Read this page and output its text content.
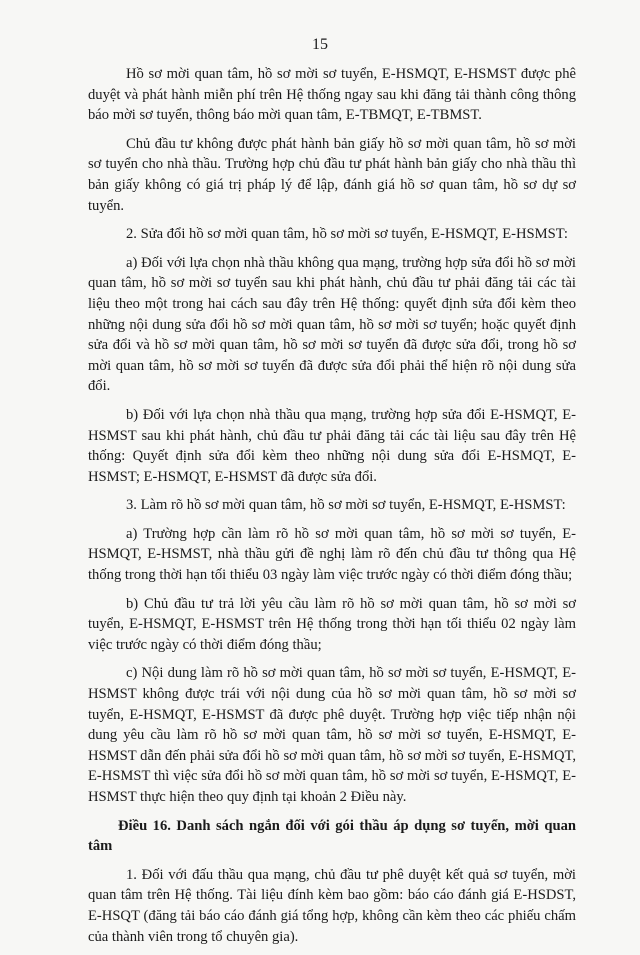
15

Hồ sơ mời quan tâm, hồ sơ mời sơ tuyển, E-HSMQT, E-HSMST được phê duyệt và phát hành miễn phí trên Hệ thống ngay sau khi đăng tải thành công thông báo mời sơ tuyển, thông báo mời quan tâm, E-TBMQT, E-TBMST.

Chủ đầu tư không được phát hành bản giấy hồ sơ mời quan tâm, hồ sơ mời sơ tuyển cho nhà thầu. Trường hợp chủ đầu tư phát hành bản giấy cho nhà thầu thì bản giấy không có giá trị pháp lý để lập, đánh giá hồ sơ quan tâm, hồ sơ dự sơ tuyển.

2. Sửa đổi hồ sơ mời quan tâm, hồ sơ mời sơ tuyển, E-HSMQT, E-HSMST:

a) Đối với lựa chọn nhà thầu không qua mạng, trường hợp sửa đổi hồ sơ mời quan tâm, hồ sơ mời sơ tuyển sau khi phát hành, chủ đầu tư phải đăng tải các tài liệu theo một trong hai cách sau đây trên Hệ thống: quyết định sửa đổi kèm theo những nội dung sửa đổi hồ sơ mời quan tâm, hồ sơ mời sơ tuyển; hoặc quyết định sửa đổi và hồ sơ mời quan tâm, hồ sơ mời sơ tuyển đã được sửa đổi, trong hồ sơ mời quan tâm, hồ sơ mời sơ tuyển đã được sửa đổi phải thể hiện rõ nội dung sửa đổi.

b) Đối với lựa chọn nhà thầu qua mạng, trường hợp sửa đổi E-HSMQT, E-HSMST sau khi phát hành, chủ đầu tư phải đăng tải các tài liệu sau đây trên Hệ thống: Quyết định sửa đổi kèm theo những nội dung sửa đổi E-HSMQT, E-HSMST; E-HSMQT, E-HSMST đã được sửa đổi.

3. Làm rõ hồ sơ mời quan tâm, hồ sơ mời sơ tuyển, E-HSMQT, E-HSMST:

a) Trường hợp cần làm rõ hồ sơ mời quan tâm, hồ sơ mời sơ tuyển, E-HSMQT, E-HSMST, nhà thầu gửi đề nghị làm rõ đến chủ đầu tư thông qua Hệ thống trong thời hạn tối thiểu 03 ngày làm việc trước ngày có thời điểm đóng thầu;

b) Chủ đầu tư trả lời yêu cầu làm rõ hồ sơ mời quan tâm, hồ sơ mời sơ tuyển, E-HSMQT, E-HSMST trên Hệ thống trong thời hạn tối thiểu 02 ngày làm việc trước ngày có thời điểm đóng thầu;

c) Nội dung làm rõ hồ sơ mời quan tâm, hồ sơ mời sơ tuyển, E-HSMQT, E-HSMST không được trái với nội dung của hồ sơ mời quan tâm, hồ sơ mời sơ tuyển, E-HSMQT, E-HSMST đã được phê duyệt. Trường hợp việc tiếp nhận nội dung yêu cầu làm rõ hồ sơ mời quan tâm, hồ sơ mời sơ tuyển, E-HSMQT, E-HSMST dẫn đến phải sửa đổi hồ sơ mời quan tâm, hồ sơ mời sơ tuyển, E-HSMQT, E-HSMST thì việc sửa đổi hồ sơ mời quan tâm, hồ sơ mời sơ tuyển, E-HSMQT, E-HSMST thực hiện theo quy định tại khoản 2 Điều này.

Điều 16. Danh sách ngắn đối với gói thầu áp dụng sơ tuyển, mời quan tâm

1. Đối với đấu thầu qua mạng, chủ đầu tư phê duyệt kết quả sơ tuyển, mời quan tâm trên Hệ thống. Tài liệu đính kèm bao gồm: báo cáo đánh giá E-HSDST, E-HSQT (đăng tải báo cáo đánh giá tổng hợp, không cần kèm theo các phiếu chấm của thành viên trong tổ chuyên gia).
